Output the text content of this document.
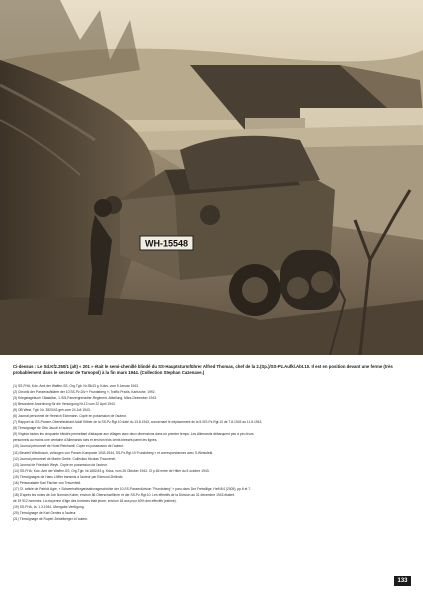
WH-15548
Ci-dessus : Le Sd.Kfz.250/1 (alt) « 201 » était le semi-chenillé blindé du SS-Hauptsturmführer Alfred Thomas, chef de la 2.(Sp.)/SS-Pz.Aufkl.Abt.10. Il est en position devant une ferme (très probablement dans le secteur de Tarnopol) à la fin mars 1944. (Collection Stephan Cazenave.)

(1) SS-FHA, Kdo. Amt der Waffen-SS, Org.Tgb. Nr.35/43 g. Kdos. vom 5 Januar 1943.

(2) Chronik der Panzeraufklärer der 10.SS-Pz.Div « Frundsberg », Traffic Praxis, Karlsruhe, 1992.

(3) Kriegstagebuch I.Bataillon, 1./SS-Panzergrenadier-Regiment, Abteilung, März-Dezember 1943.

(4) Besondere Anordnung für die Versorgung Nr.13 vom 22 April 1943.

(5) OB West, Tgb. Nr. 3520/43 geh.vom 24 Juli 1943.

(6) Journal personnel de Heinrich Eichmann. Copie en possession de l'auteur.

(7) Rapport du SS-Panzer-Oberstleutnant Adolf Kittner de la SS-Pz.Rgt.10 daté du 13.8.1943, concernant le déplacement de la 5./SS-Pz.Rgt.10 de 7.8.1943 au 11.8.1943.

(8) Témoignage de Otto Jacob à l'auteur.

(9) Virginia toutes les cinquante blindés permettant d'attaquer aux villages avec deux dimensions dans un premier temps. Les Allemands débarquent peu à peu leurs

personnels au moins une centaine d'Allemands tués et environ trois cents blessés parmi les lignes.

(10) Journal personnel de Horst Reinhardt. Copie en possession de l'auteur.

(11) Beurteil Wiedbusch, vollzogen von Panzer-Kompanie 1943-1944, SS-Pz.Rgt.10 Frundsberg « et correspondances avec S.Weissfeld.

(12) Journal personnel de Martin Grebe. Collection Nicolas Thouvenel.

(13) Journal de Friedrich Weyh. Copie en possession de l'auteur.

(14) SS-FHA, Kdo. Amt der Waffen-SS, Org.Tgb. Nr.1652/43 g. Kdos. vom 26 Oktober 1943. Cf p.65 entre de Hitler du 5 octobre 1943.

(15) Témoignages de Hans Löffler transmis à l'auteur par Edmund Zielinski.

(16) Personalakte Karl Fischer von Treuenfeld.

(17) Cf. article de Patrick Agte, « Schwerhaftorganisationsgeschichte der 10.SS-Panzerdivision "Frundsberg" » paru dans Der Freiwillige, Heft 8/4 (2005), pp.6 et 7.

(18) D'après les notes de Joe Norman Kober, environ 86 Oberscharführer et der SS-Pz.Rgt.10. Les effectifs de la Division au 31 décembre 1943 étaient

de 19 912 hommes. La moyenne d'âge des hommes était jeune, environ 18 ans pour 60% des effectifs (estimé).

(19) SS-FHA, Ia, 1.3.1944, Übergabe-Verfügung.

(20) Témoignage de Karl Gerdes à l'auteur.

(21) Témoignage de Rupert Zeidelberger à l'auteur.

133
